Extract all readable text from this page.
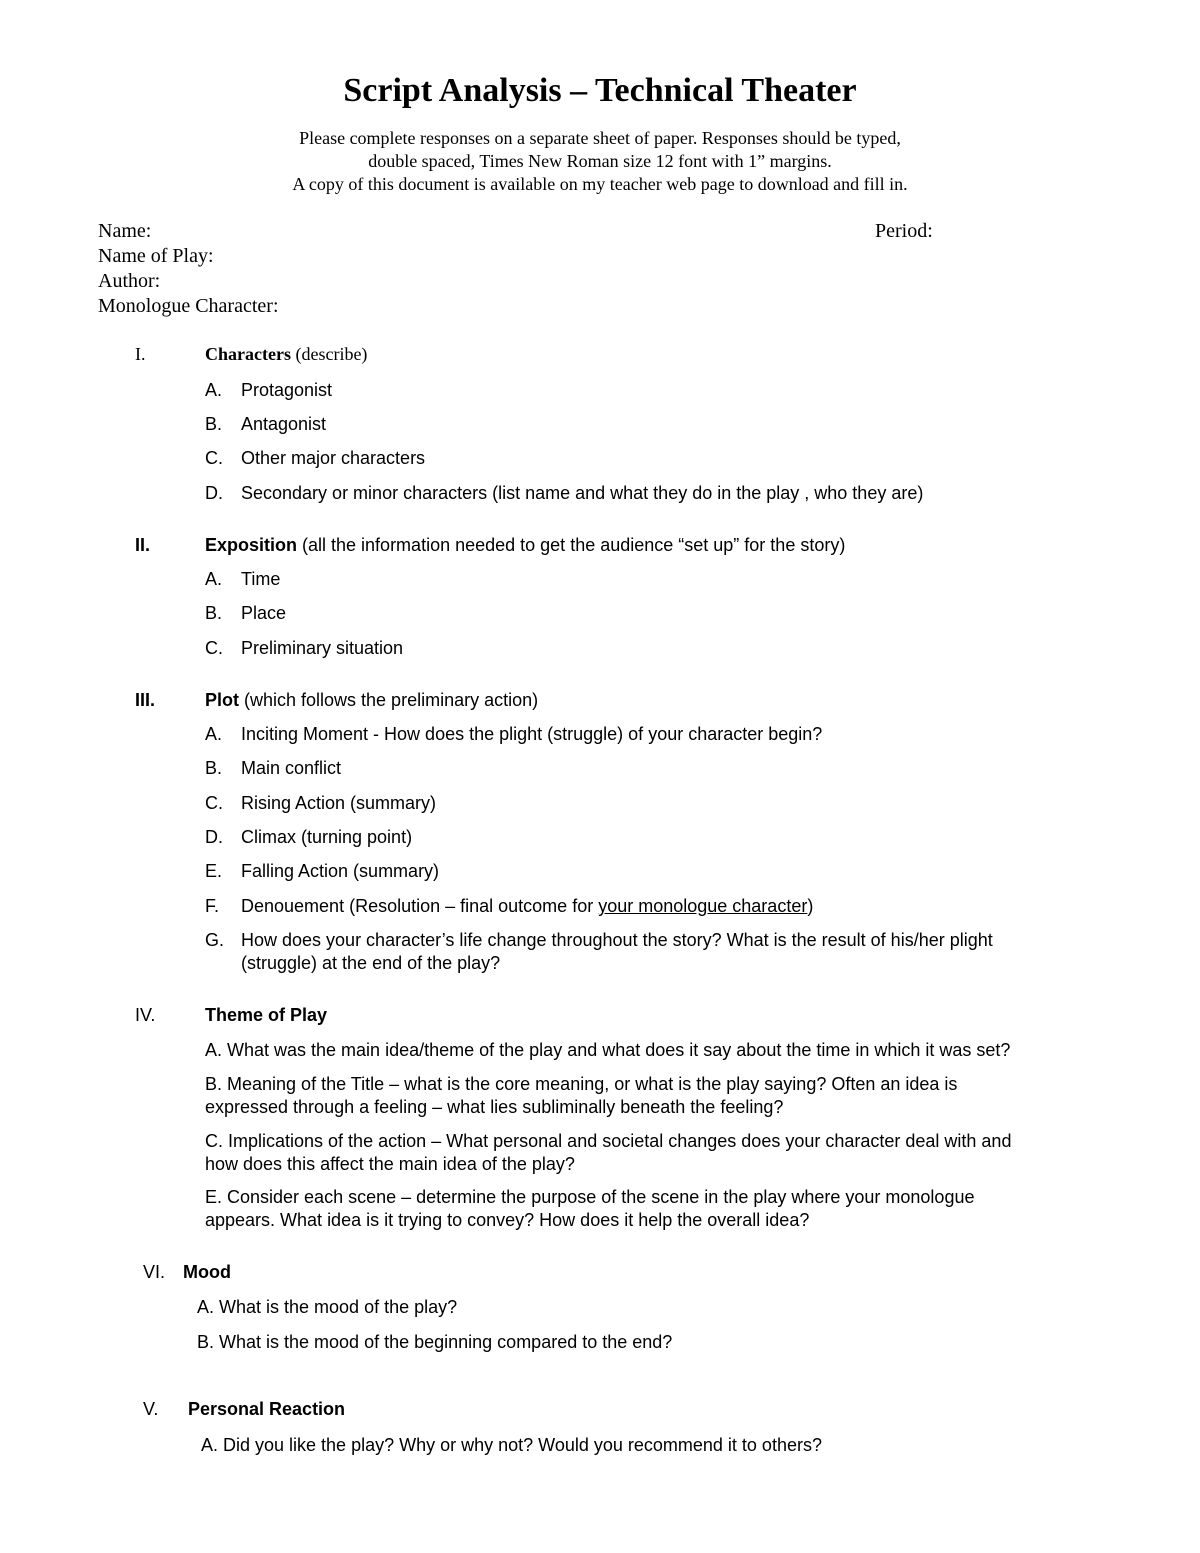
Script Analysis – Technical Theater
Please complete responses on a separate sheet of paper. Responses should be typed,
double spaced, Times New Roman size 12 font with 1” margins.
A copy of this document is available on my teacher web page to download and fill in.
Name:	Period:
Name of Play:
Author:
Monologue Character:
I.	Characters (describe)
A. Protagonist
B. Antagonist
C. Other major characters
D. Secondary or minor characters (list name and what they do in the play , who they are)
II.	Exposition (all the information needed to get the audience “set up” for the story)
A. Time
B. Place
C. Preliminary situation
III.	Plot (which follows the preliminary action)
A. Inciting Moment - How does the plight (struggle) of your character begin?
B. Main conflict
C. Rising Action (summary)
D. Climax (turning point)
E. Falling Action (summary)
F. Denouement (Resolution – final outcome for your monologue character)
G. How does your character’s life change throughout the story? What is the result of his/her plight
(struggle) at the end of the play?
IV.	Theme of Play
A. What was the main idea/theme of the play and what does it say about the time in which it was set?
B. Meaning of the Title – what is the core meaning, or what is the play saying? Often an idea is
expressed through a feeling – what lies subliminally beneath the feeling?
C. Implications of the action – What personal and societal changes does your character deal with and
how does this affect the main idea of the play?
E. Consider each scene – determine the purpose of the scene in the play where your monologue
appears. What idea is it trying to convey? How does it help the overall idea?
VI. Mood
A. What is the mood of the play?
B. What is the mood of the beginning compared to the end?
V. Personal Reaction
A. Did you like the play? Why or why not? Would you recommend it to others?
